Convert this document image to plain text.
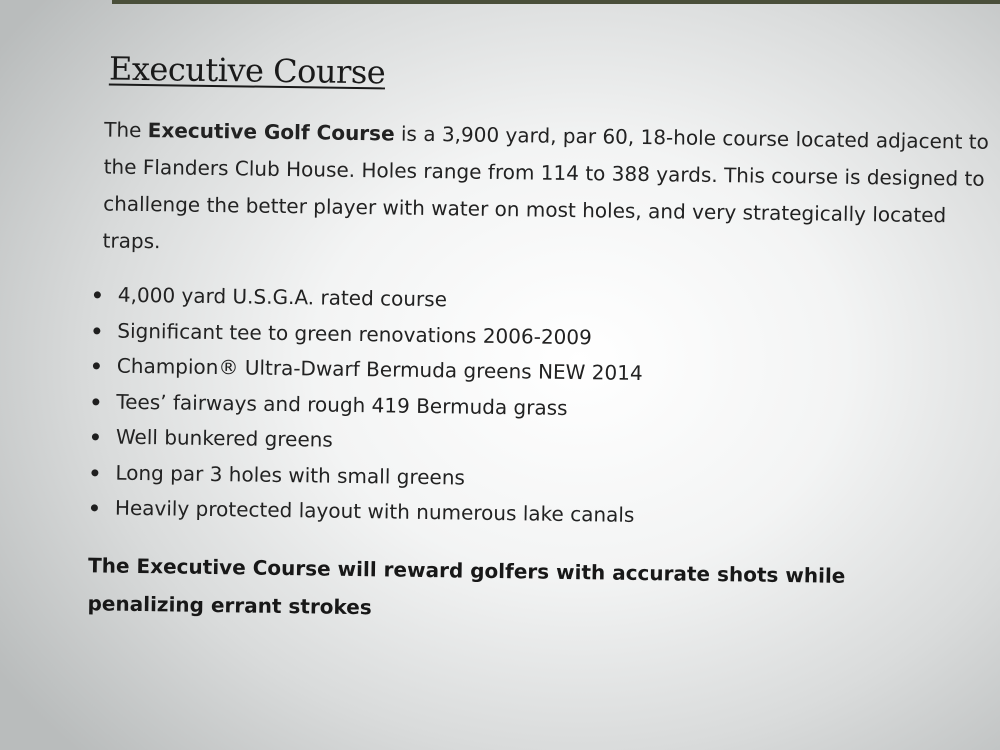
Executive Course

The Executive Golf Course is a 3,900 yard, par 60, 18-hole course located adjacent to the Flanders Club House. Holes range from 114 to 388 yards. This course is designed to challenge the better player with water on most holes, and very strategically located traps.

4,000 yard U.S.G.A. rated course
Significant tee to green renovations 2006-2009
Champion® Ultra-Dwarf Bermuda greens NEW 2014
Tees’ fairways and rough 419 Bermuda grass
Well bunkered greens
Long par 3 holes with small greens
Heavily protected layout with numerous lake canals

The Executive Course will reward golfers with accurate shots while penalizing errant strokes
